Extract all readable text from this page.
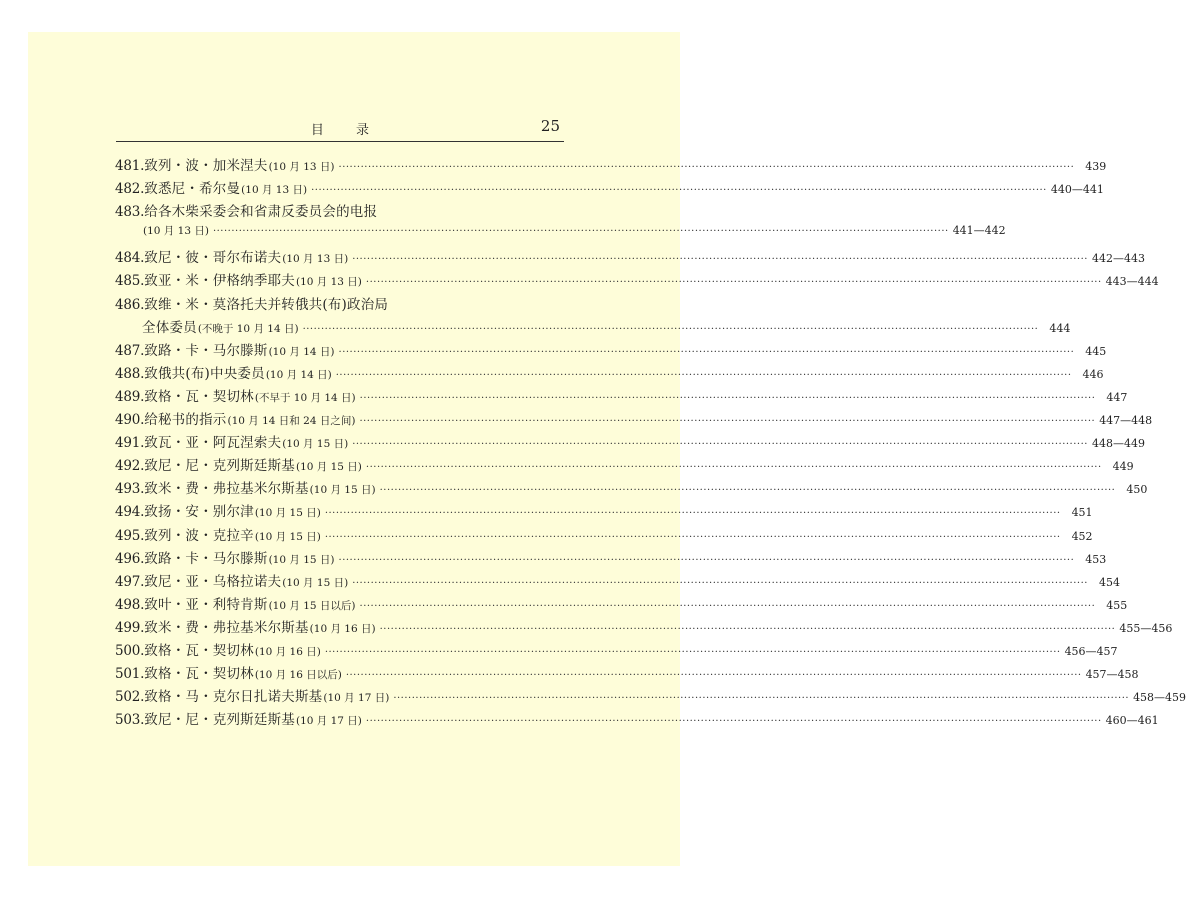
目 录	25
481. 致列・波・加米涅夫 (10 月 13 日) ········································································································································································································	439
482. 致悉尼・希尔曼 (10 月 13 日) ········································································································································································································ 440—441
483. 给各木柴采委会和省肃反委员会的电报
(10 月 13 日) ········································································································································································································ 441—442
484. 致尼・彼・哥尔布诺夫 (10 月 13 日) ········································································································································································································ 442—443
485. 致亚・米・伊格纳季耶夫 (10 月 13 日) ········································································································································································································ 443—444
486. 致维・米・莫洛托夫并转俄共(布)政治局
全体委员 (不晚于 10 月 14 日) ········································································································································································································	444
487. 致路・卡・马尔滕斯 (10 月 14 日) ········································································································································································································	445
488. 致俄共(布)中央委员 (10 月 14 日) ········································································································································································································	446
489. 致格・瓦・契切林 (不早于 10 月 14 日) ········································································································································································································	447
490. 给秘书的指示 (10 月 14 日和 24 日之间) ········································································································································································································ 447—448
491. 致瓦・亚・阿瓦涅索夫 (10 月 15 日) ········································································································································································································ 448—449
492. 致尼・尼・克列斯廷斯基 (10 月 15 日) ········································································································································································································	449
493. 致米・费・弗拉基米尔斯基 (10 月 15 日) ········································································································································································································	450
494. 致扬・安・别尔津 (10 月 15 日) ········································································································································································································	451
495. 致列・波・克拉辛 (10 月 15 日) ········································································································································································································	452
496. 致路・卡・马尔滕斯 (10 月 15 日) ········································································································································································································	453
497. 致尼・亚・乌格拉诺夫 (10 月 15 日) ········································································································································································································	454
498. 致叶・亚・利特肯斯 (10 月 15 日以后) ········································································································································································································	455
499. 致米・费・弗拉基米尔斯基 (10 月 16 日) ········································································································································································································ 455—456
500. 致格・瓦・契切林 (10 月 16 日) ········································································································································································································ 456—457
501. 致格・瓦・契切林 (10 月 16 日以后) ········································································································································································································ 457—458
502. 致格・马・克尔日扎诺夫斯基 (10 月 17 日) ········································································································································································································ 458—459
503. 致尼・尼・克列斯廷斯基 (10 月 17 日) ········································································································································································································ 460—461
